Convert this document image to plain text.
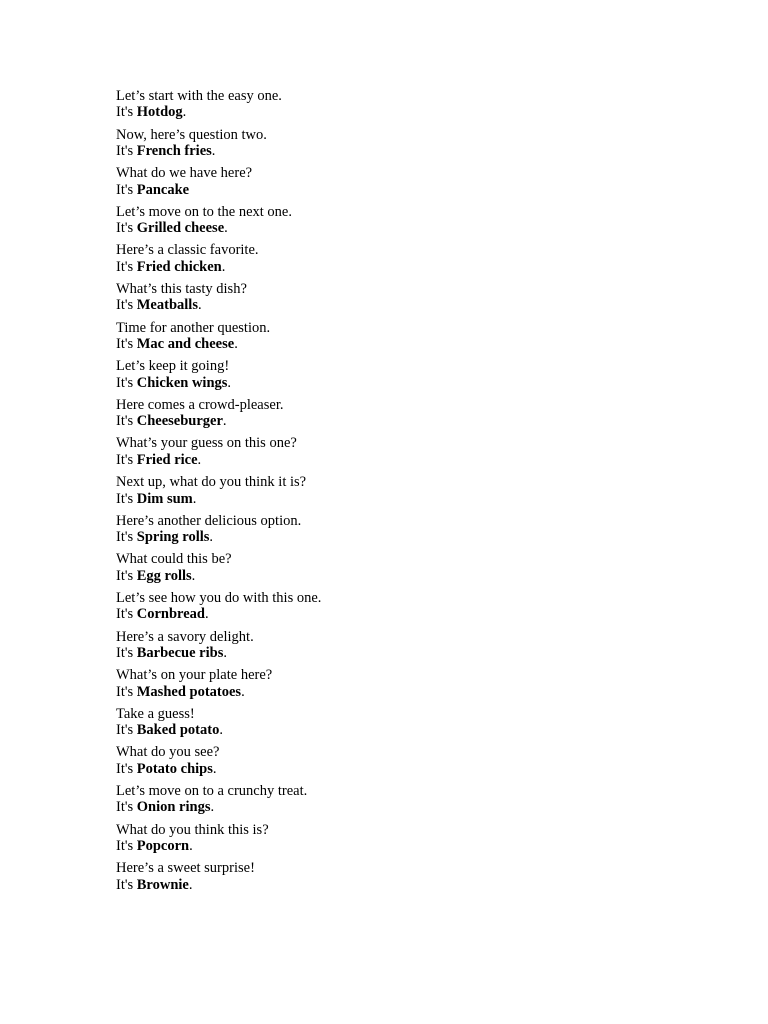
Let’s start with the easy one.
It's Hotdog.
Now, here’s question two.
It's French fries.
What do we have here?
It's Pancake
Let’s move on to the next one.
It's Grilled cheese.
Here’s a classic favorite.
It's Fried chicken.
What’s this tasty dish?
It's Meatballs.
Time for another question.
It's Mac and cheese.
Let’s keep it going!
It's Chicken wings.
Here comes a crowd-pleaser.
It's Cheeseburger.
What’s your guess on this one?
It's Fried rice.
Next up, what do you think it is?
It's Dim sum.
Here’s another delicious option.
It's Spring rolls.
What could this be?
It's Egg rolls.
Let’s see how you do with this one.
It's Cornbread.
Here’s a savory delight.
It's Barbecue ribs.
What’s on your plate here?
It's Mashed potatoes.
Take a guess!
It's Baked potato.
What do you see?
It's Potato chips.
Let’s move on to a crunchy treat.
It's Onion rings.
What do you think this is?
It's Popcorn.
Here’s a sweet surprise!
It's Brownie.
